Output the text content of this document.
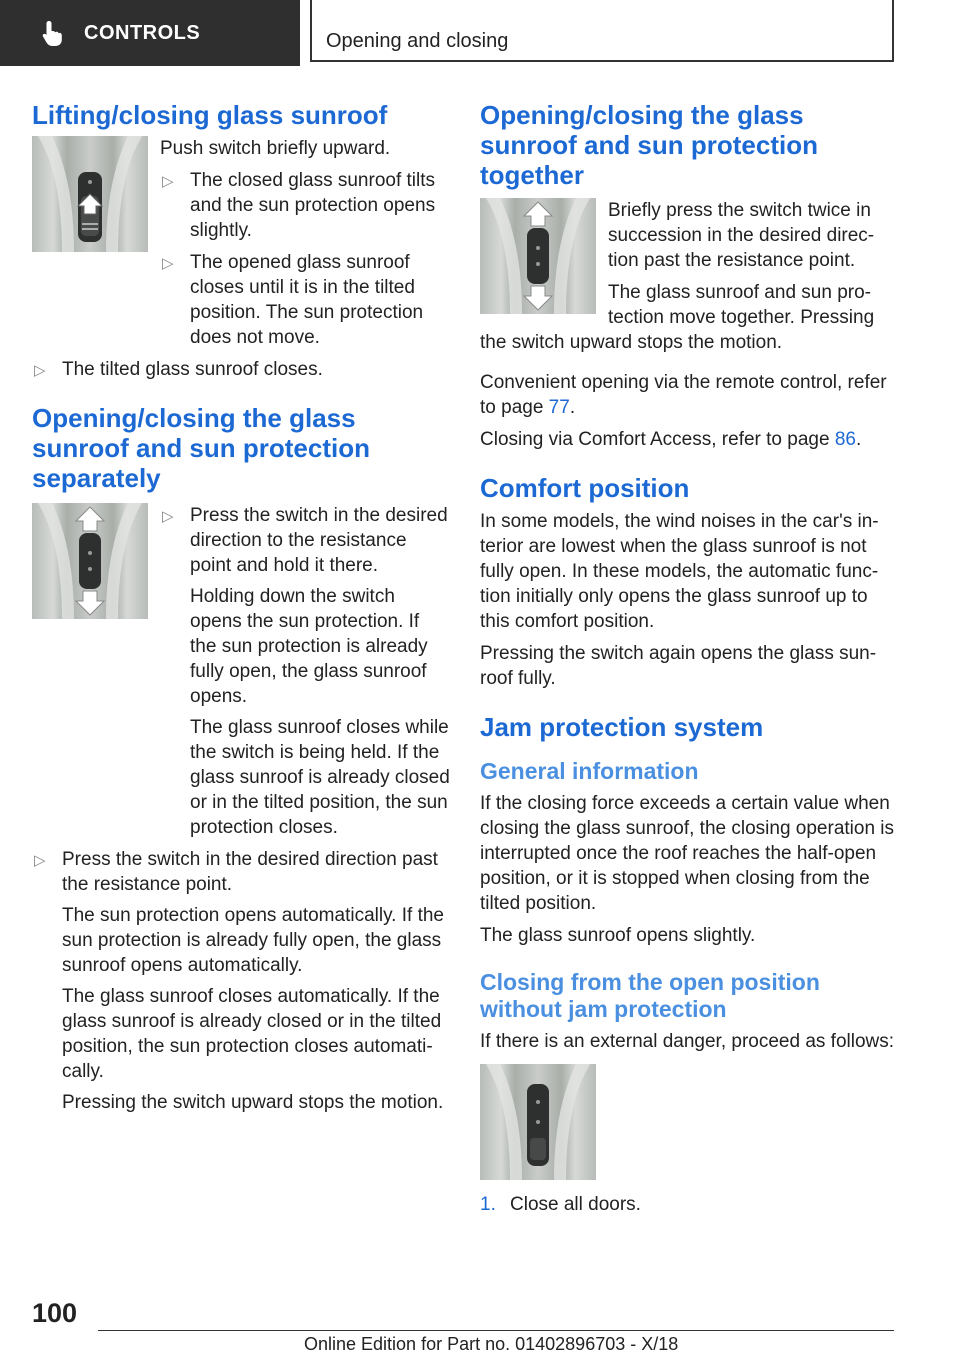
CONTROLS	Opening and closing
Lifting/closing glass sunroof

Push switch briefly upward.

▷ The closed glass sunroof tilts and the sun protection opens slightly.
▷ The opened glass sunroof closes until it is in the tilted position. The sun protection does not move.
▷ The tilted glass sunroof closes.
Opening/closing the glass sunroof and sun protection separately
▷ Press the switch in the desired direction to the resistance point and hold it there.
Holding down the switch opens the sun protection. If the sun protection is already fully open, the glass sunroof opens.
The glass sunroof closes while the switch is being held. If the glass sunroof is already closed or in the tilted position, the sun protection closes.
▷ Press the switch in the desired direction past the resistance point.
The sun protection opens automatically. If the sun protection is already fully open, the glass sunroof opens automatically.
The glass sunroof closes automatically. If the glass sunroof is already closed or in the tilted position, the sun protection closes automati-cally.
Pressing the switch upward stops the motion.
Opening/closing the glass sunroof and sun protection together

Briefly press the switch twice in succession in the desired direc-tion past the resistance point.

The glass sunroof and sun pro-tection move together. Pressing

the switch upward stops the motion.

Convenient opening via the remote control, refer to page 77.

Closing via Comfort Access, refer to page 86.

Comfort position

In some models, the wind noises in the car's in-terior are lowest when the glass sunroof is not fully open. In these models, the automatic func-tion initially only opens the glass sunroof up to this comfort position.

Pressing the switch again opens the glass sun-roof fully.

Jam protection system
General information

If the closing force exceeds a certain value when closing the glass sunroof, the closing operation is interrupted once the roof reaches the half-open position, or it is stopped when closing from the tilted position.

The glass sunroof opens slightly.

Closing from the open position without jam protection

If there is an external danger, proceed as follows:

1. Close all doors.
100
Online Edition for Part no. 01402896703 - X/18
